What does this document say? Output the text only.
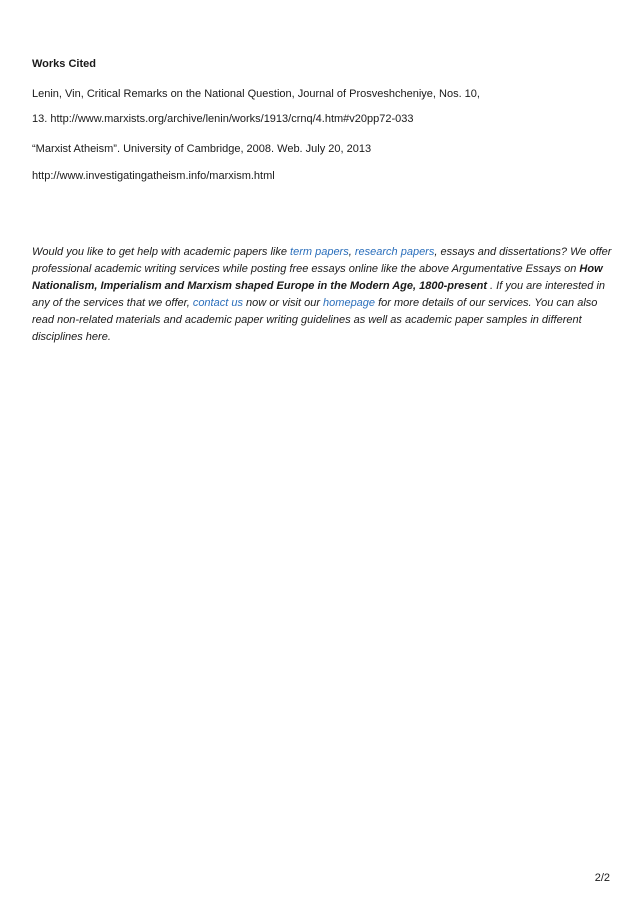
Works Cited

Lenin, Vin, Critical Remarks on the National Question, Journal of Prosveshcheniye, Nos. 10,

13. http://www.marxists.org/archive/lenin/works/1913/crnq/4.htm#v20pp72-033

“Marxist Atheism”. University of Cambridge, 2008. Web. July 20, 2013

http://www.investigatingatheism.info/marxism.html

Would you like to get help with academic papers like term papers, research papers, essays and dissertations? We offer professional academic writing services while posting free essays online like the above Argumentative Essays on How Nationalism, Imperialism and Marxism shaped Europe in the Modern Age, 1800-present . If you are interested in any of the services that we offer, contact us now or visit our homepage for more details of our services. You can also read non-related materials and academic paper writing guidelines as well as academic paper samples in different disciplines here.

2/2
